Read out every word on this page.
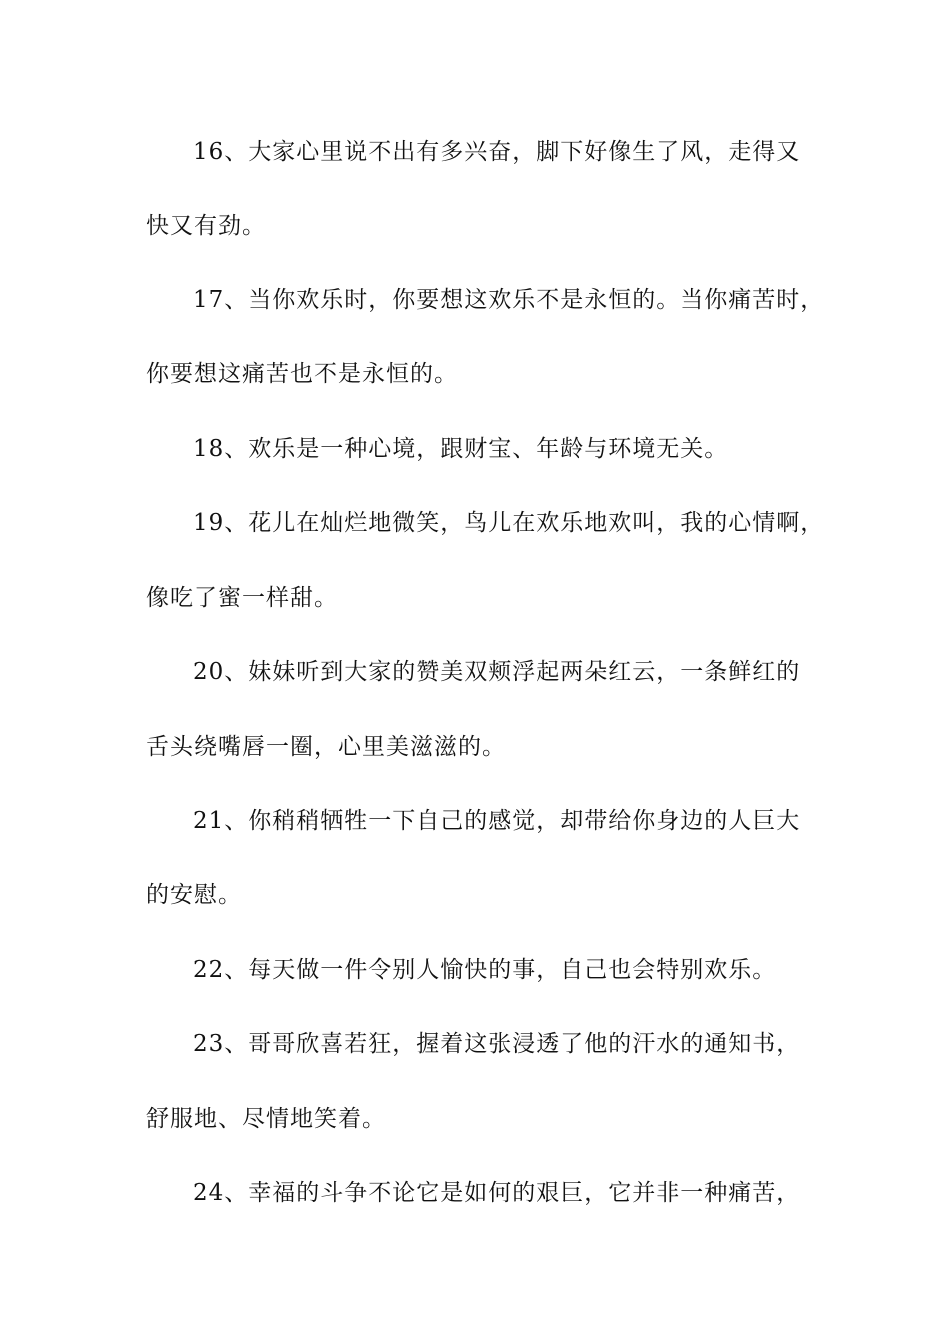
16、大家心里说不出有多兴奋，脚下好像生了风，走得又
快又有劲。
17、当你欢乐时，你要想这欢乐不是永恒的。当你痛苦时，
你要想这痛苦也不是永恒的。
18、欢乐是一种心境，跟财宝、年龄与环境无关。
19、花儿在灿烂地微笑，鸟儿在欢乐地欢叫，我的心情啊，
像吃了蜜一样甜。
20、妹妹听到大家的赞美双颊浮起两朵红云，一条鲜红的
舌头绕嘴唇一圈，心里美滋滋的。
21、你稍稍牺牲一下自己的感觉，却带给你身边的人巨大
的安慰。
22、每天做一件令别人愉快的事，自己也会特别欢乐。
23、哥哥欣喜若狂，握着这张浸透了他的汗水的通知书，
舒服地、尽情地笑着。
24、幸福的斗争不论它是如何的艰巨，它并非一种痛苦，
